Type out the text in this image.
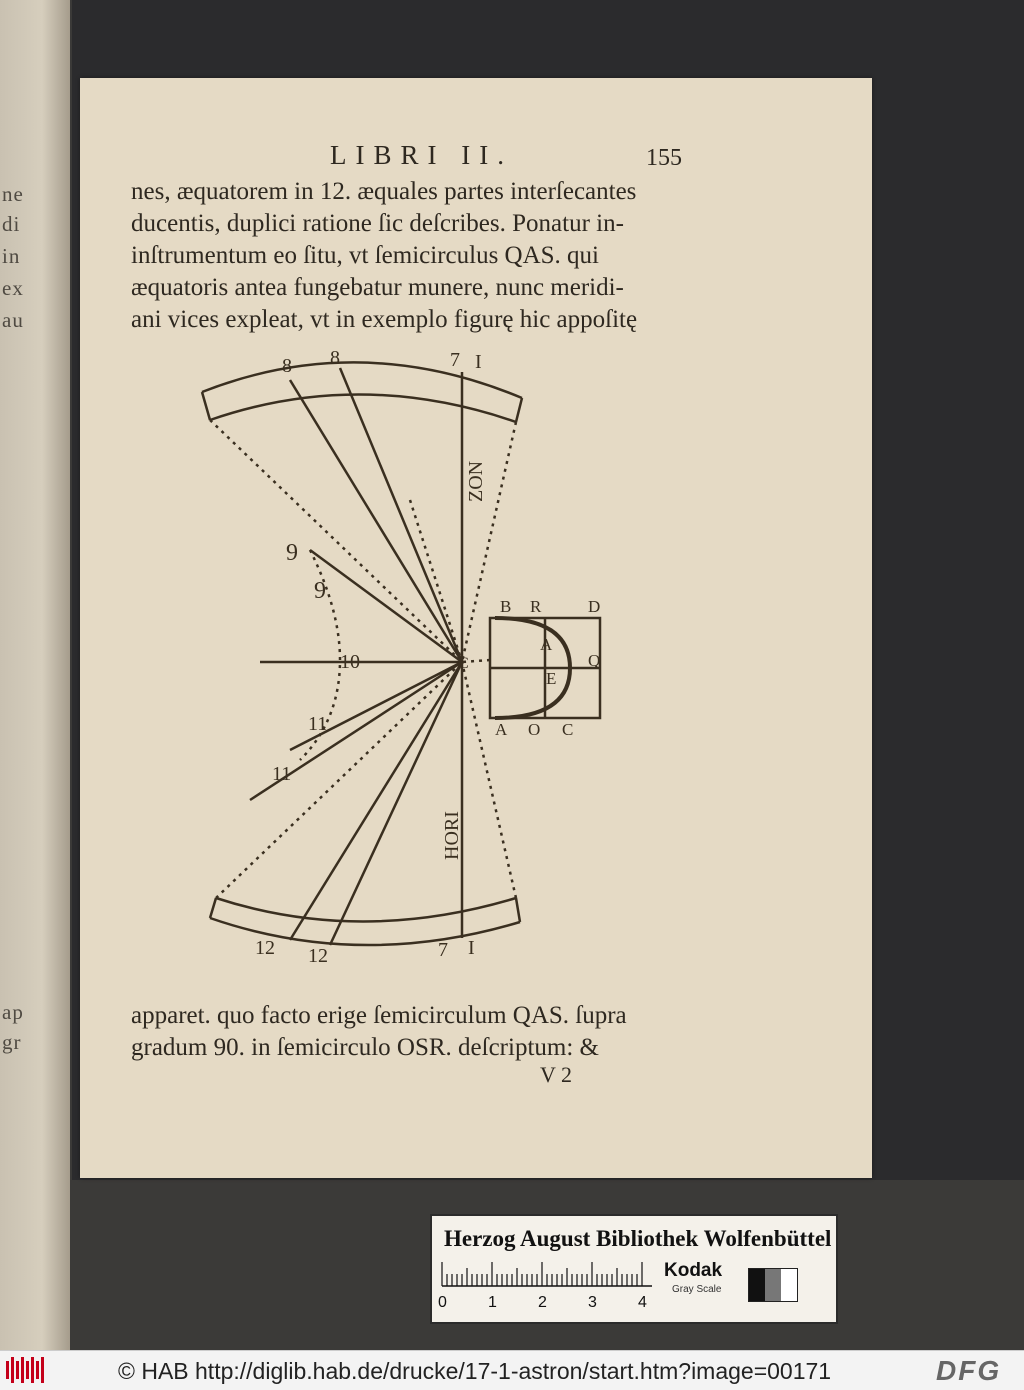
ne
di
in
ex
au
ap
gr
LIBRI II.	155
nes, æquatorem in 12. æquales partes interſecantes
ducentis, duplici ratione ſic deſcribes. Ponatur in-
inſtrumentum eo ſitu, vt ſemicirculus QAS. qui
æquatoris antea fungebatur munere, nunc meridi-
ani vices expleat, vt in exemplo figurę hic appoſitę
8 8	7 I
12 12	7 I
9
9
10
11
11
ZON
HORI
C
B R	D
A
Q
E
A O C
apparet. quo facto erige ſemicirculum QAS. ſupra
gradum 90. in ſemicirculo OSR. deſcriptum: &
V 2
Herzog August Bibliothek Wolfenbüttel
0	1	2	3	4
Kodak
Gray Scale
© HAB http://diglib.hab.de/drucke/17-1-astron/start.htm?image=00171	DFG
